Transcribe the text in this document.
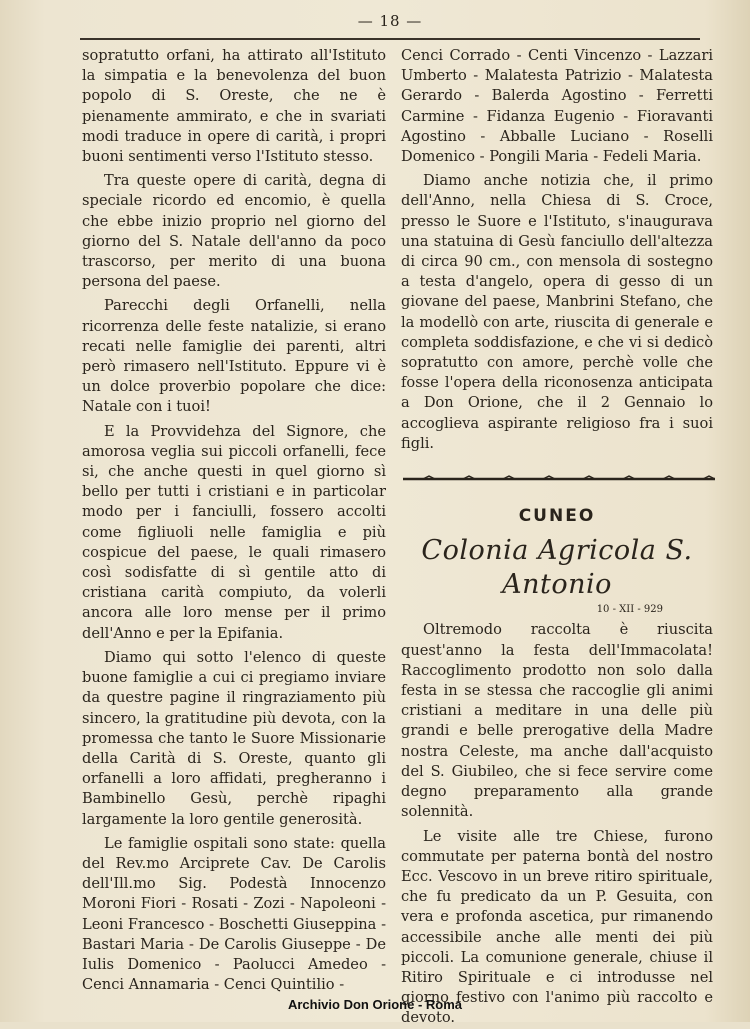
— 18 —

sopratutto orfani, ha attirato all'Istituto la simpatia e la benevolenza del buon popolo di S. Oreste, che ne è pienamente ammirato, e che in svariati modi traduce in opere di carità, i propri buoni sentimenti verso l'Istituto stesso.

Tra queste opere di carità, degna di speciale ricordo ed encomio, è quella che ebbe inizio proprio nel giorno del giorno del S. Natale dell'anno da poco trascorso, per merito di una buona persona del paese.

Parecchi degli Orfanelli, nella ricorrenza delle feste natalizie, si erano recati nelle famiglie dei parenti, altri però rimasero nell'Istituto. Eppure vi è un dolce proverbio popolare che dice: Natale con i tuoi!

E la Provvidehza del Signore, che amorosa veglia sui piccoli orfanelli, fece si, che anche questi in quel giorno sì bello per tutti i cristiani e in particolar modo per i fanciulli, fossero accolti come figliuoli nelle famiglia e più cospicue del paese, le quali rimasero così sodisfatte di sì gentile atto di cristiana carità compiuto, da volerli ancora alle loro mense per il primo dell'Anno e per la Epifania.

Diamo qui sotto l'elenco di queste buone famiglie a cui ci pregiamo inviare da questre pagine il ringraziamento più sincero, la gratitudine più devota, con la promessa che tanto le Suore Missionarie della Carità di S. Oreste, quanto gli orfanelli a loro affidati, pregheranno i Bambinello Gesù, perchè ripaghi largamente la loro gentile generosità.

Le famiglie ospitali sono state: quella del Rev.mo Arciprete Cav. De Carolis dell'Ill.mo Sig. Podestà Innocenzo Moroni Fiori - Rosati - Zozi - Napoleoni - Leoni Francesco - Boschetti Giuseppina - Bastari Maria - De Carolis Giuseppe - De Iulis Domenico - Paolucci Amedeo - Cenci Annamaria - Cenci Quintilio -

Cenci Corrado - Centi Vincenzo - Lazzari Umberto - Malatesta Patrizio - Malatesta Gerardo - Balerda Agostino - Ferretti Carmine - Fidanza Eugenio - Fioravanti Agostino - Abballe Luciano - Roselli Domenico - Pongili Maria - Fedeli Maria.

Diamo anche notizia che, il primo dell'Anno, nella Chiesa di S. Croce, presso le Suore e l'Istituto, s'inaugurava una statuina di Gesù fanciullo dell'altezza di circa 90 cm., con mensola di sostegno a testa d'angelo, opera di gesso di un giovane del paese, Manbrini Stefano, che la modellò con arte, riuscita di generale e completa soddisfazione, e che vi si dedicò sopratutto con amore, perchè volle che fosse l'opera della riconosenza anticipata a Don Orione, che il 2 Gennaio lo accoglieva aspirante religioso fra i suoi figli.

CUNEO
Colonia Agricola S. Antonio
10 - XII - 929

Oltremodo raccolta è riuscita quest'anno la festa dell'Immacolata! Raccoglimento prodotto non solo dalla festa in se stessa che raccoglie gli animi cristiani a meditare in una delle più grandi e belle prerogative della Madre nostra Celeste, ma anche dall'acquisto del S. Giubileo, che si fece servire come degno preparamento alla grande solennità.

Le visite alle tre Chiese, furono commutate per paterna bontà del nostro Ecc. Vescovo in un breve ritiro spirituale, che fu predicato da un P. Gesuita, con vera e profonda ascetica, pur rimanendo accessibile anche alle menti dei più piccoli. La comunione generale, chiuse il Ritiro Spirituale e ci introdusse nel giorno festivo con l'animo più raccolto e devoto.

Archivio Don Orione - Roma
